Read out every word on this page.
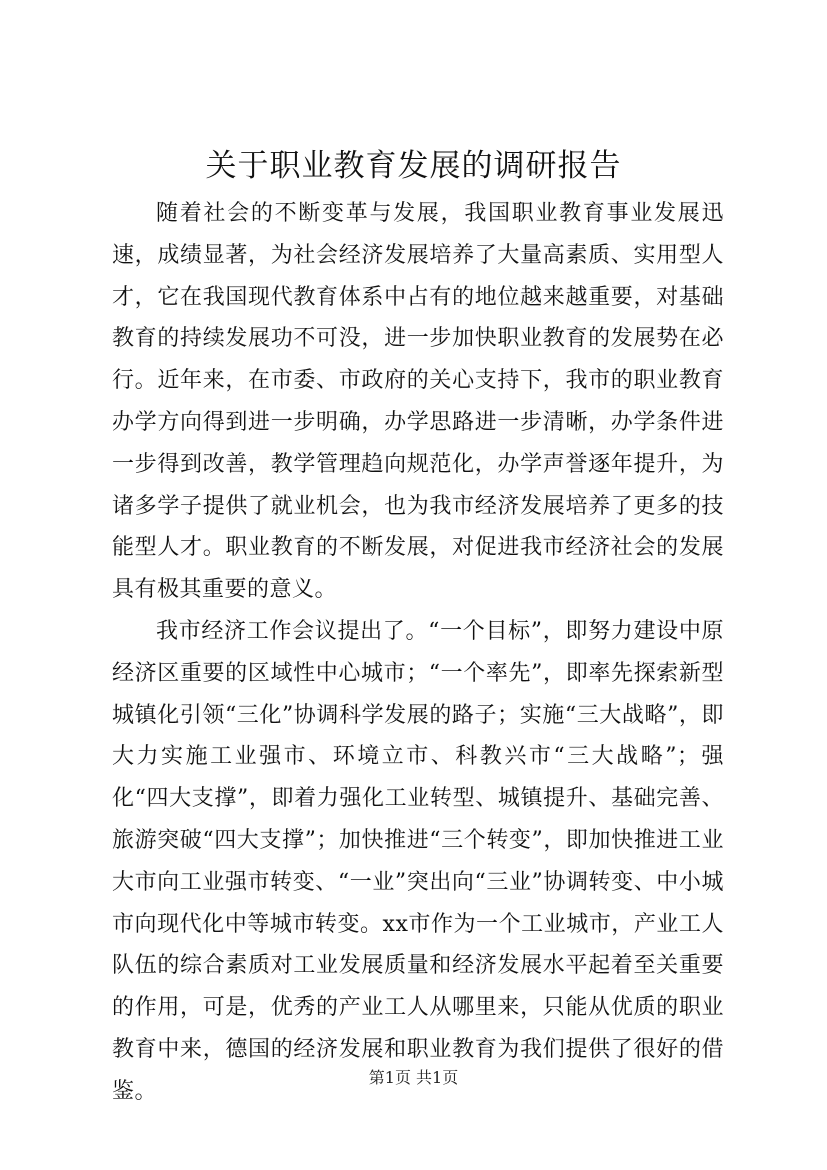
关于职业教育发展的调研报告

随着社会的不断变革与发展，我国职业教育事业发展迅速，成绩显著，为社会经济发展培养了大量高素质、实用型人才，它在我国现代教育体系中占有的地位越来越重要，对基础教育的持续发展功不可没，进一步加快职业教育的发展势在必行。近年来，在市委、市政府的关心支持下，我市的职业教育办学方向得到进一步明确，办学思路进一步清晰，办学条件进一步得到改善，教学管理趋向规范化，办学声誉逐年提升，为诸多学子提供了就业机会，也为我市经济发展培养了更多的技能型人才。职业教育的不断发展，对促进我市经济社会的发展具有极其重要的意义。

我市经济工作会议提出了。“一个目标”，即努力建设中原经济区重要的区域性中心城市；“一个率先”，即率先探索新型城镇化引领“三化”协调科学发展的路子；实施“三大战略”，即大力实施工业强市、环境立市、科教兴市“三大战略”；强化“四大支撑”，即着力强化工业转型、城镇提升、基础完善、旅游突破“四大支撑”；加快推进“三个转变”，即加快推进工业大市向工业强市转变、“一业”突出向“三业”协调转变、中小城市向现代化中等城市转变。xx市作为一个工业城市，产业工人队伍的综合素质对工业发展质量和经济发展水平起着至关重要的作用，可是，优秀的产业工人从哪里来，只能从优质的职业教育中来，德国的经济发展和职业教育为我们提供了很好的借鉴。

第1页 共1页
